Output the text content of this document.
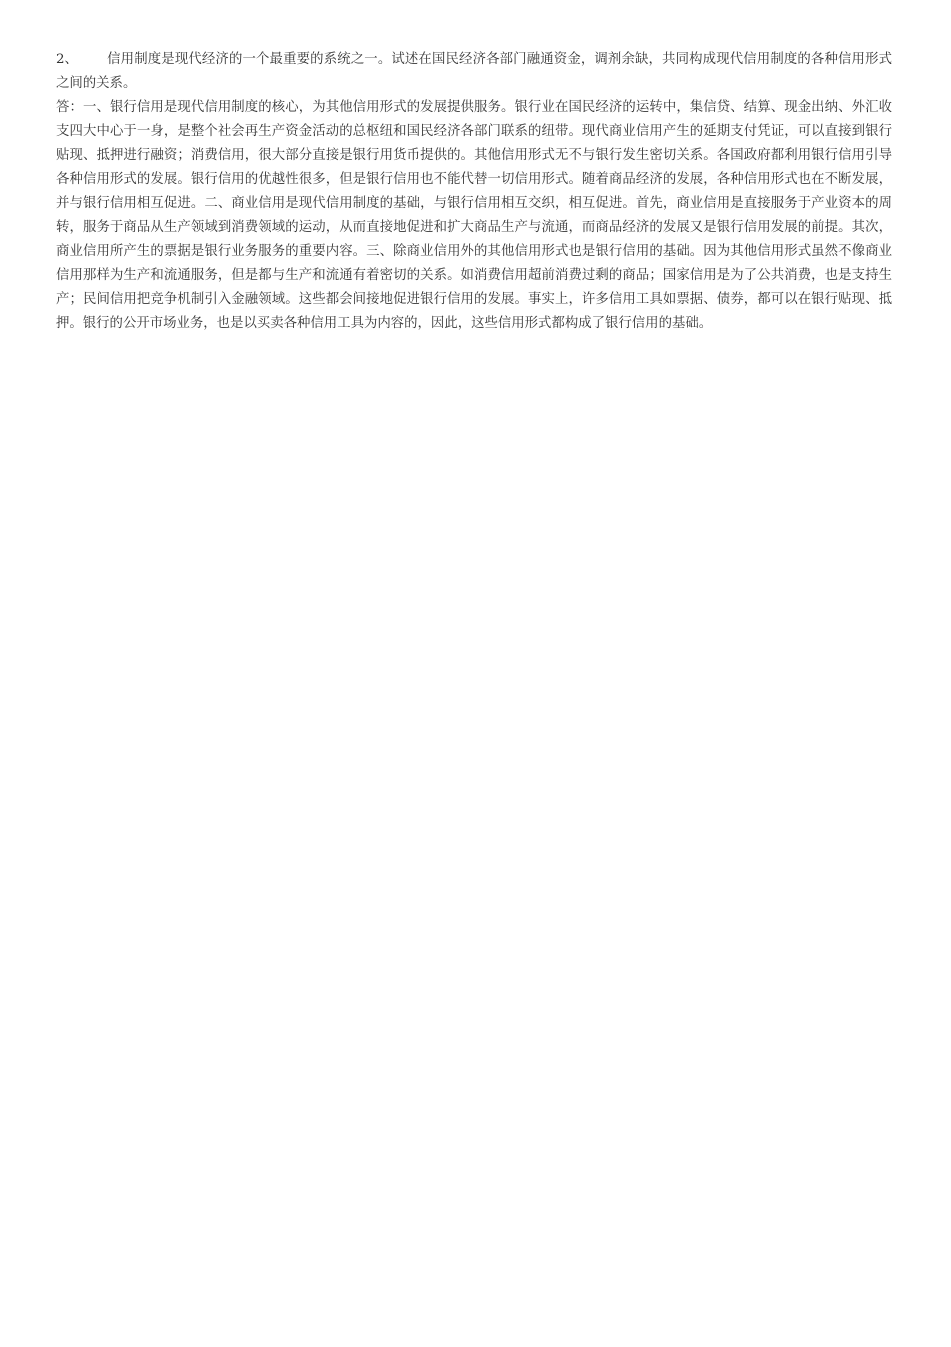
2、 信用制度是现代经济的一个最重要的系统之一。试述在国民经济各部门融通资金，调剂余缺，共同构成现代信用制度的各种信用形式之间的关系。

答：一、银行信用是现代信用制度的核心，为其他信用形式的发展提供服务。银行业在国民经济的运转中，集信贷、结算、现金出纳、外汇收支四大中心于一身，是整个社会再生产资金活动的总枢纽和国民经济各部门联系的纽带。现代商业信用产生的延期支付凭证，可以直接到银行贴现、抵押进行融资；消费信用，很大部分直接是银行用货币提供的。其他信用形式无不与银行发生密切关系。各国政府都利用银行信用引导各种信用形式的发展。银行信用的优越性很多，但是银行信用也不能代替一切信用形式。随着商品经济的发展，各种信用形式也在不断发展，并与银行信用相互促进。二、商业信用是现代信用制度的基础，与银行信用相互交织，相互促进。首先，商业信用是直接服务于产业资本的周转，服务于商品从生产领域到消费领域的运动，从而直接地促进和扩大商品生产与流通，而商品经济的发展又是银行信用发展的前提。其次，商业信用所产生的票据是银行业务服务的重要内容。三、除商业信用外的其他信用形式也是银行信用的基础。因为其他信用形式虽然不像商业信用那样为生产和流通服务，但是都与生产和流通有着密切的关系。如消费信用超前消费过剩的商品；国家信用是为了公共消费，也是支持生产；民间信用把竞争机制引入金融领域。这些都会间接地促进银行信用的发展。事实上，许多信用工具如票据、债券，都可以在银行贴现、抵押。银行的公开市场业务，也是以买卖各种信用工具为内容的，因此，这些信用形式都构成了银行信用的基础。
